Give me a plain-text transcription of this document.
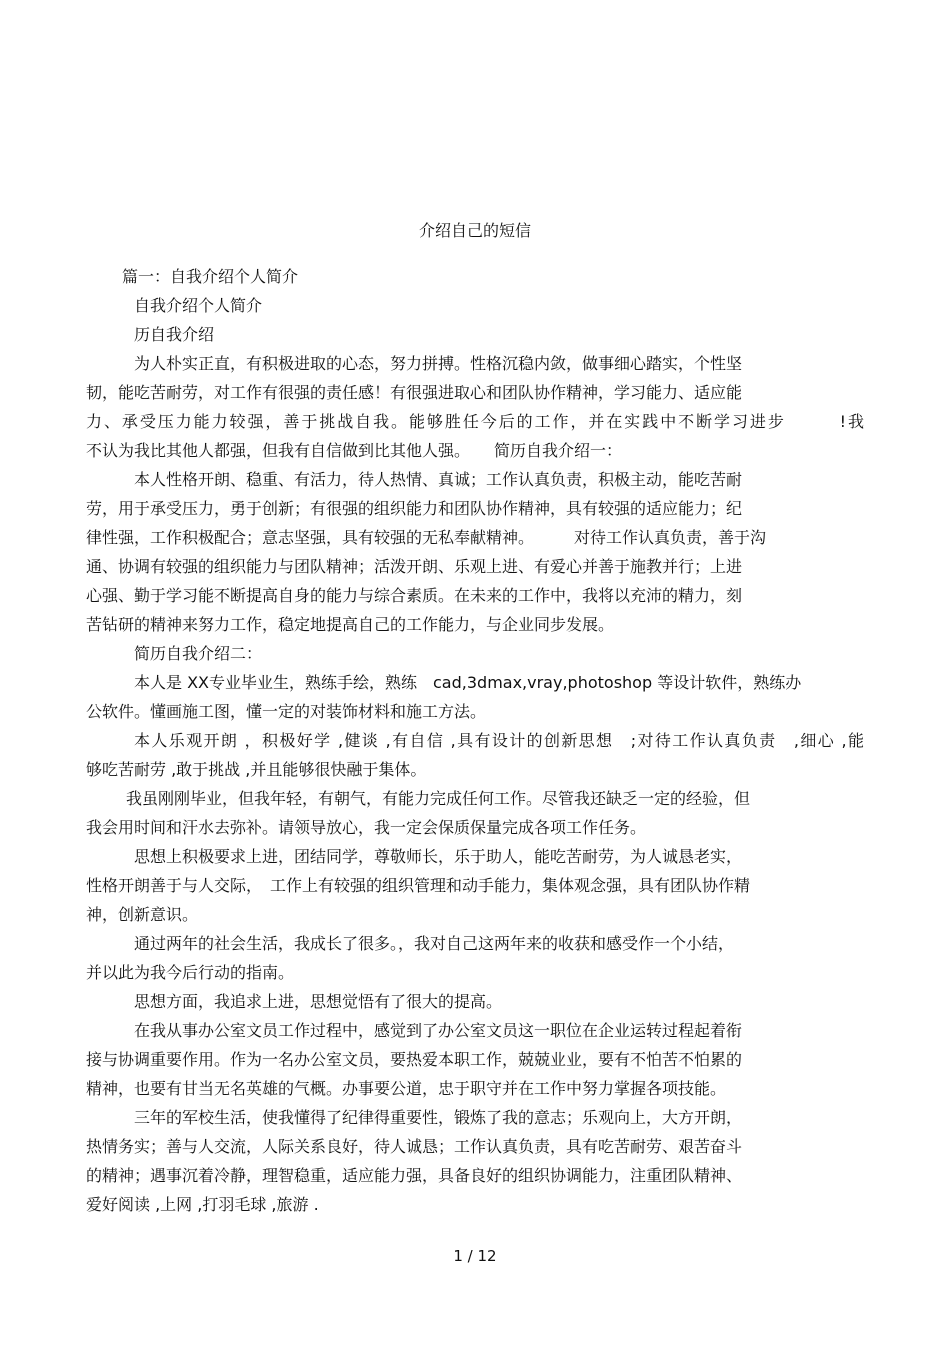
介绍自己的短信
篇一：自我介绍个人简介
自我介绍个人简介
历自我介绍
为人朴实正直，有积极进取的心态，努力拼搏。性格沉稳内敛，做事细心踏实，个性坚
韧，能吃苦耐劳，对工作有很强的责任感！有很强进取心和团队协作精神，学习能力、适应能
力、承受压力能力较强，善于挑战自我。能够胜任今后的工作，并在实践中不断学习进步　　　!我
不认为我比其他人都强，但我有自信做到比其他人强。　　简历自我介绍一：
本人性格开朗、稳重、有活力，待人热情、真诚；工作认真负责，积极主动，能吃苦耐
劳，用于承受压力，勇于创新；有很强的组织能力和团队协作精神，具有较强的适应能力；纪
律性强，工作积极配合；意志坚强，具有较强的无私奉献精神。　　　对待工作认真负责，善于沟
通、协调有较强的组织能力与团队精神；活泼开朗、乐观上进、有爱心并善于施教并行；上进
心强、勤于学习能不断提高自身的能力与综合素质。在未来的工作中，我将以充沛的精力，刻
苦钻研的精神来努力工作，稳定地提高自己的工作能力，与企业同步发展。
简历自我介绍二：
本人是 XX专业毕业生，熟练手绘，熟练　cad,3dmax,vray,photoshop 等设计软件，熟练办
公软件。懂画施工图，懂一定的对装饰材料和施工方法。
本人乐观开朗 ，积极好学 ,健谈 ,有自信 ,具有设计的创新思想　;对待工作认真负责　,细心 ,能
够吃苦耐劳 ,敢于挑战 ,并且能够很快融于集体。
我虽刚刚毕业，但我年轻，有朝气，有能力完成任何工作。尽管我还缺乏一定的经验，但
我会用时间和汗水去弥补。请领导放心，我一定会保质保量完成各项工作任务。
思想上积极要求上进，团结同学，尊敬师长，乐于助人，能吃苦耐劳，为人诚恳老实，
性格开朗善于与人交际，　工作上有较强的组织管理和动手能力，集体观念强，具有团队协作精
神，创新意识。
通过两年的社会生活，我成长了很多。，我对自己这两年来的收获和感受作一个小结，
并以此为我今后行动的指南。
思想方面，我追求上进，思想觉悟有了很大的提高。
在我从事办公室文员工作过程中，感觉到了办公室文员这一职位在企业运转过程起着衔
接与协调重要作用。作为一名办公室文员，要热爱本职工作，兢兢业业，要有不怕苦不怕累的
精神，也要有甘当无名英雄的气概。办事要公道，忠于职守并在工作中努力掌握各项技能。
三年的军校生活，使我懂得了纪律得重要性，锻炼了我的意志；乐观向上，大方开朗，
热情务实；善与人交流，人际关系良好，待人诚恳；工作认真负责，具有吃苦耐劳、艰苦奋斗
的精神；遇事沉着冷静，理智稳重，适应能力强，具备良好的组织协调能力，注重团队精神、
爱好阅读 ,上网 ,打羽毛球 ,旅游 .
1 / 12
